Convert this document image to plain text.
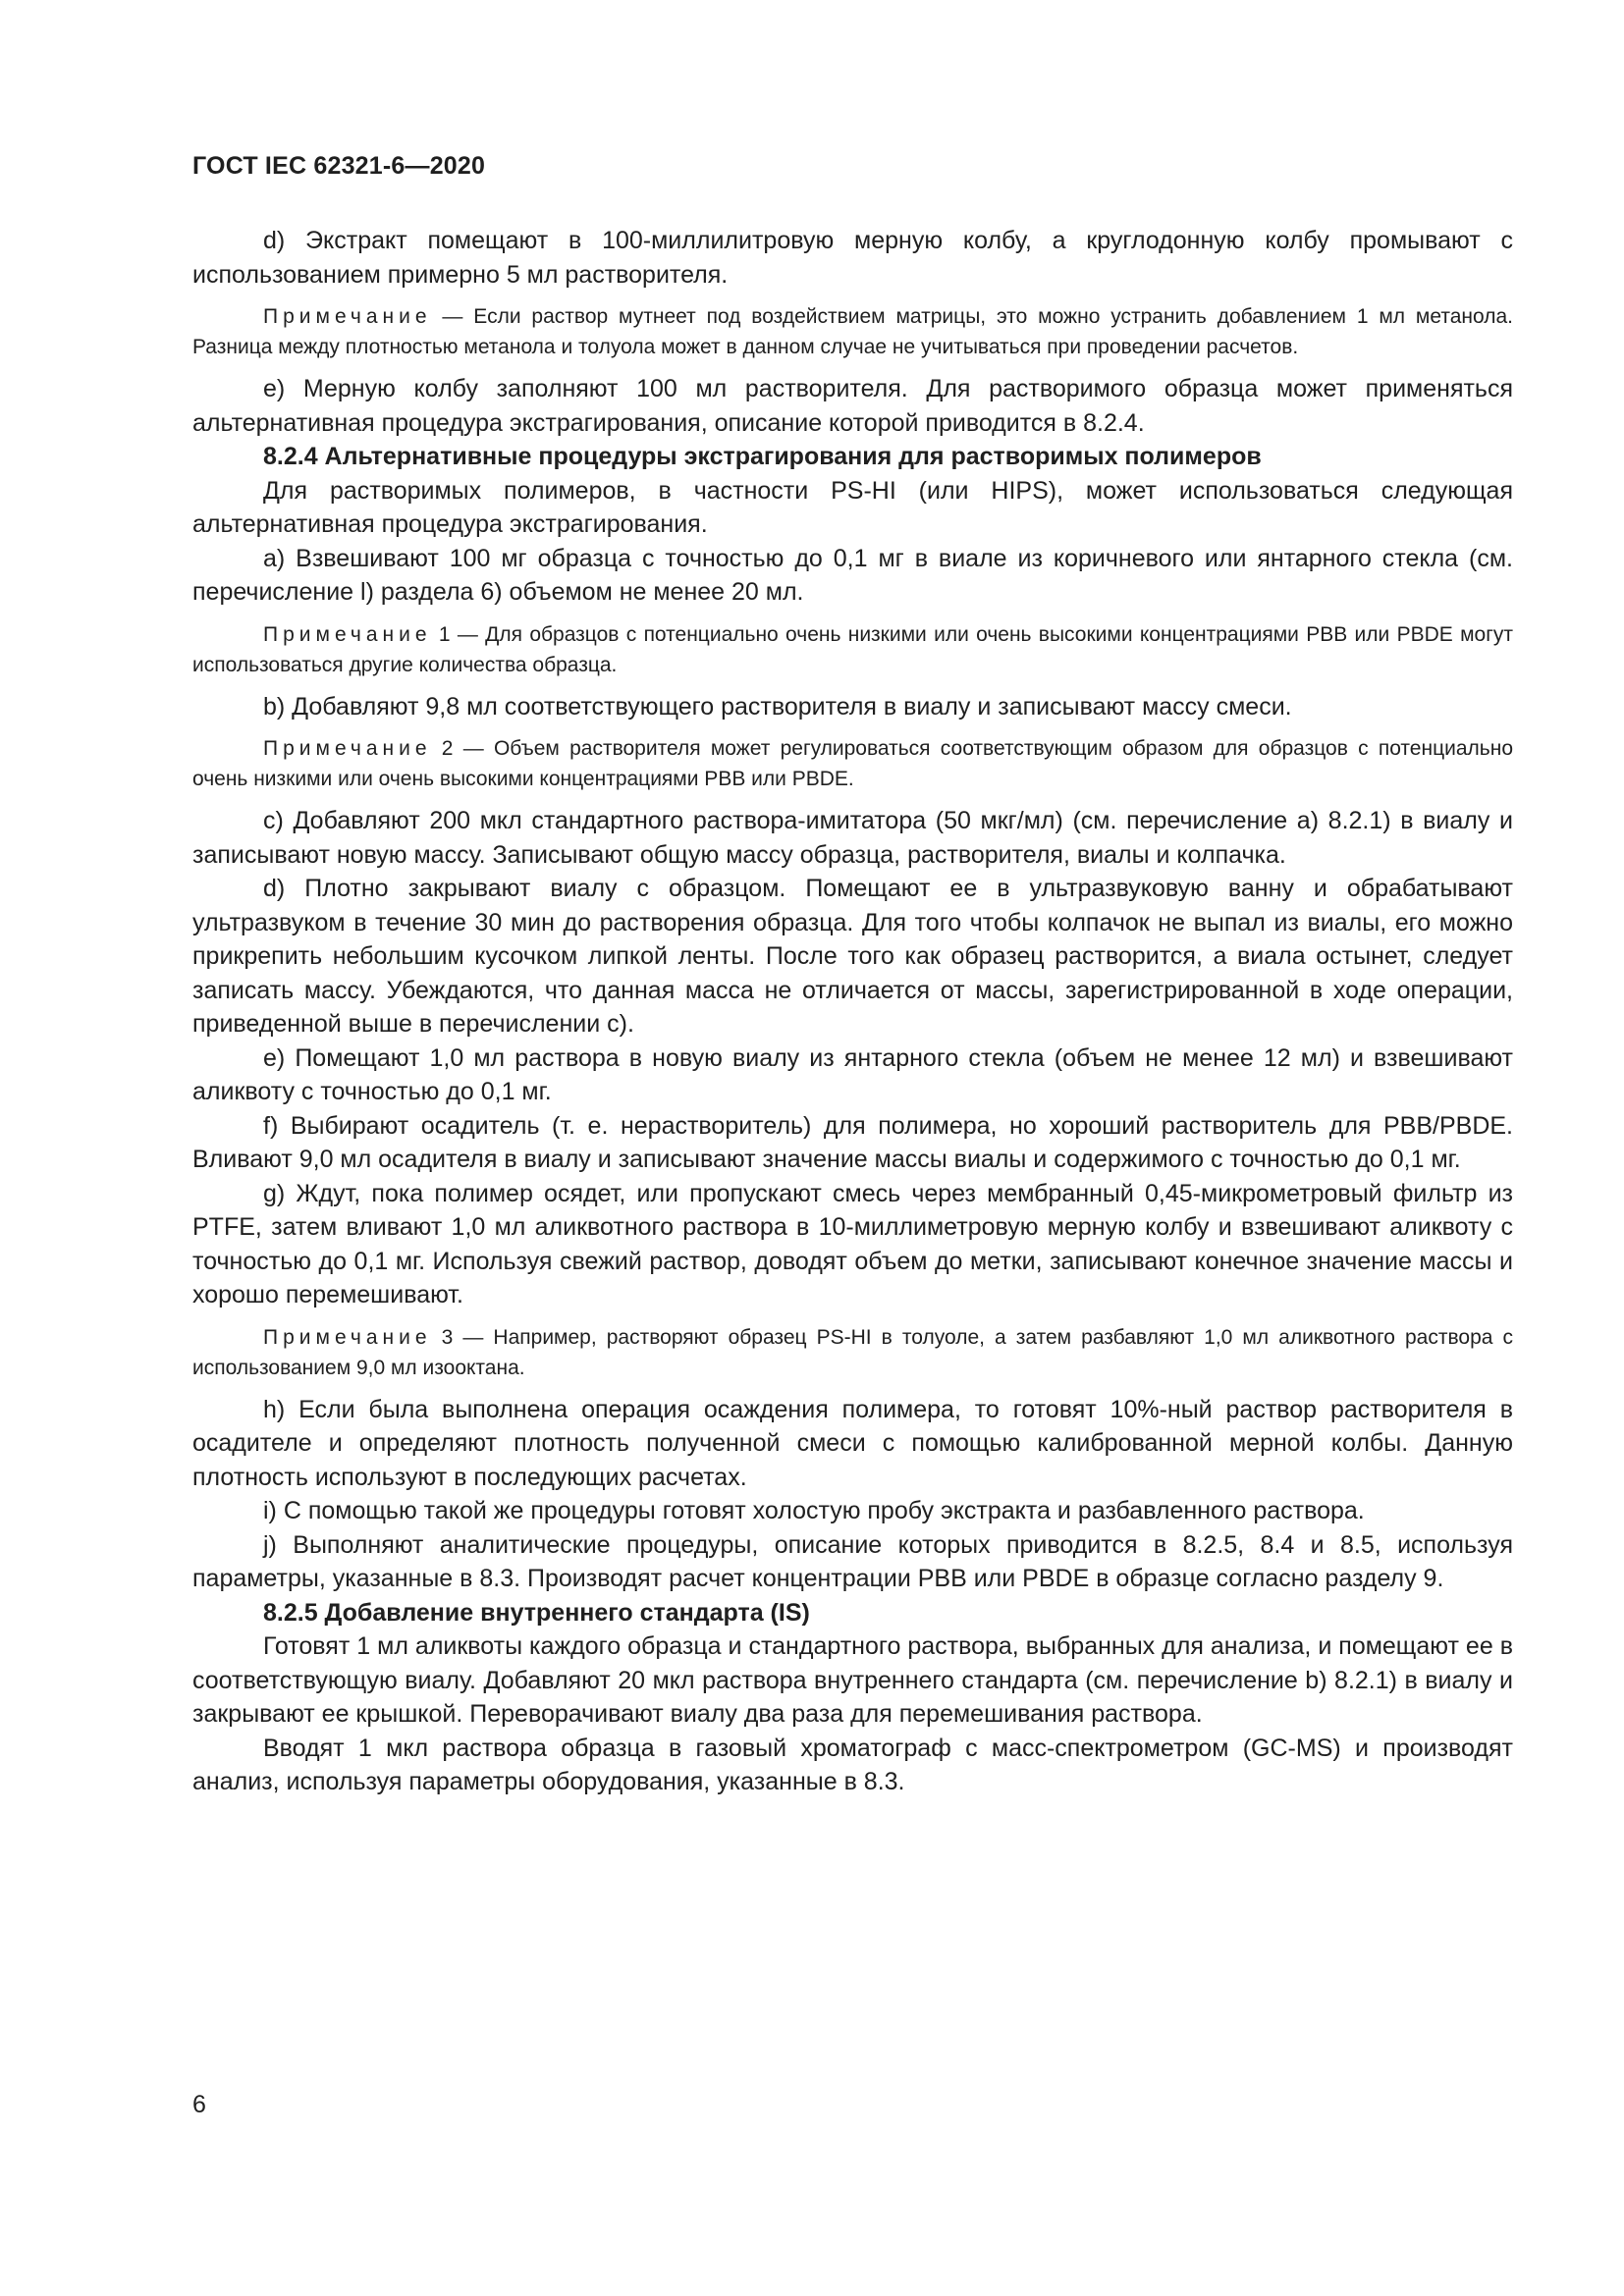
ГОСТ IEC 62321-6—2020

d) Экстракт помещают в 100-миллилитровую мерную колбу, а круглодонную колбу промывают с использованием примерно 5 мл растворителя.

Примечание — Если раствор мутнеет под воздействием матрицы, это можно устранить добавлением 1 мл метанола. Разница между плотностью метанола и толуола может в данном случае не учитываться при проведении расчетов.

e) Мерную колбу заполняют 100 мл растворителя. Для растворимого образца может применяться альтернативная процедура экстрагирования, описание которой приводится в 8.2.4.

8.2.4 Альтернативные процедуры экстрагирования для растворимых полимеров

Для растворимых полимеров, в частности PS-HI (или HIPS), может использоваться следующая альтернативная процедура экстрагирования.

a) Взвешивают 100 мг образца с точностью до 0,1 мг в виале из коричневого или янтарного стекла (см. перечисление l) раздела 6) объемом не менее 20 мл.

Примечание 1 — Для образцов с потенциально очень низкими или очень высокими концентрациями PBB или PBDE могут использоваться другие количества образца.

b) Добавляют 9,8 мл соответствующего растворителя в виалу и записывают массу смеси.

Примечание 2 — Объем растворителя может регулироваться соответствующим образом для образцов с потенциально очень низкими или очень высокими концентрациями PBB или PBDE.

c) Добавляют 200 мкл стандартного раствора-имитатора (50 мкг/мл) (см. перечисление a) 8.2.1) в виалу и записывают новую массу. Записывают общую массу образца, растворителя, виалы и колпачка.

d) Плотно закрывают виалу с образцом. Помещают ее в ультразвуковую ванну и обрабатывают ультразвуком в течение 30 мин до растворения образца. Для того чтобы колпачок не выпал из виалы, его можно прикрепить небольшим кусочком липкой ленты. После того как образец растворится, а виала остынет, следует записать массу. Убеждаются, что данная масса не отличается от массы, зарегистрированной в ходе операции, приведенной выше в перечислении c).

e) Помещают 1,0 мл раствора в новую виалу из янтарного стекла (объем не менее 12 мл) и взвешивают аликвоту с точностью до 0,1 мг.

f) Выбирают осадитель (т. е. нерастворитель) для полимера, но хороший растворитель для PBB/PBDE. Вливают 9,0 мл осадителя в виалу и записывают значение массы виалы и содержимого с точностью до 0,1 мг.

g) Ждут, пока полимер осядет, или пропускают смесь через мембранный 0,45-микрометровый фильтр из PTFE, затем вливают 1,0 мл аликвотного раствора в 10-миллиметровую мерную колбу и взвешивают аликвоту с точностью до 0,1 мг. Используя свежий раствор, доводят объем до метки, записывают конечное значение массы и хорошо перемешивают.

Примечание 3 — Например, растворяют образец PS-HI в толуоле, а затем разбавляют 1,0 мл аликвотного раствора с использованием 9,0 мл изооктана.

h) Если была выполнена операция осаждения полимера, то готовят 10%-ный раствор растворителя в осадителе и определяют плотность полученной смеси с помощью калиброванной мерной колбы. Данную плотность используют в последующих расчетах.

i) С помощью такой же процедуры готовят холостую пробу экстракта и разбавленного раствора.

j) Выполняют аналитические процедуры, описание которых приводится в 8.2.5, 8.4 и 8.5, используя параметры, указанные в 8.3. Производят расчет концентрации PBB или PBDE в образце согласно разделу 9.

8.2.5 Добавление внутреннего стандарта (IS)

Готовят 1 мл аликвоты каждого образца и стандартного раствора, выбранных для анализа, и помещают ее в соответствующую виалу. Добавляют 20 мкл раствора внутреннего стандарта (см. перечисление b) 8.2.1) в виалу и закрывают ее крышкой. Переворачивают виалу два раза для перемешивания раствора.

Вводят 1 мкл раствора образца в газовый хроматограф с масс-спектрометром (GC-MS) и производят анализ, используя параметры оборудования, указанные в 8.3.

6
